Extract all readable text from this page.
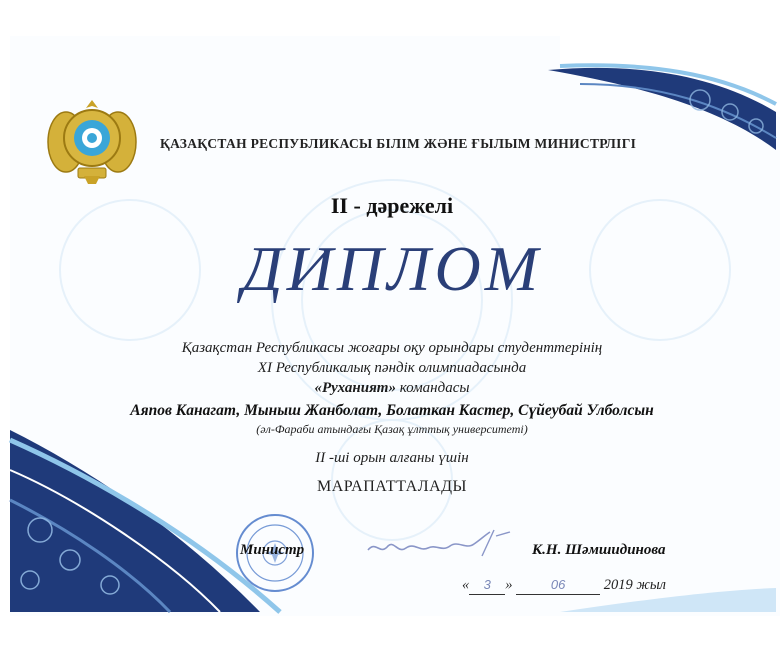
ҚАЗАҚСТАН РЕСПУБЛИКАСЫ БІЛІМ ЖӘНЕ ҒЫЛЫМ МИНИСТРЛІГІ
II - дәрежелі
ДИПЛОМ
Қазақстан Республикасы жоғары оқу орындары студенттерінің
XI Республикалық пәндік олимпиадасында
«Руханият» командасы
Аяпов Канагат, Мыныш Жанболат, Болаткан Кастер, Сүйеубай Улболсын
(әл-Фараби атындағы Қазақ ұлттық университеті)
II -ші орын алғаны үшін
МАРАПАТТАЛАДЫ
Министр	К.Н. Шәмшидинова
« 3 »	06	2019 жыл
